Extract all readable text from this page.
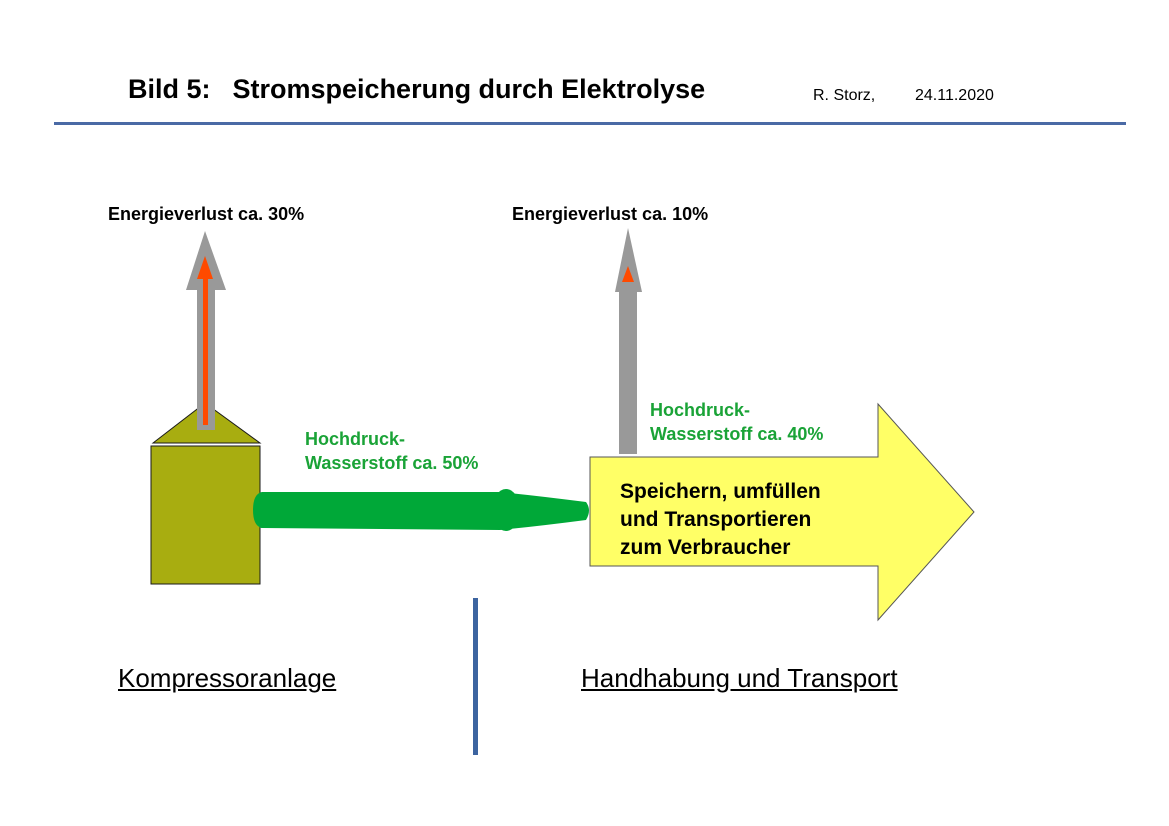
Bild 5: Stromspeicherung durch Elektrolyse	R. Storz, 24.11.2020
Energieverlust ca. 30%	Energieverlust ca. 10%
Hochdruck-
Wasserstoff ca. 50%
Hochdruck-
Wasserstoff ca. 40%
Speichern, umfüllen
und Transportieren
zum Verbraucher
Kompressoranlage	Handhabung und Transport
